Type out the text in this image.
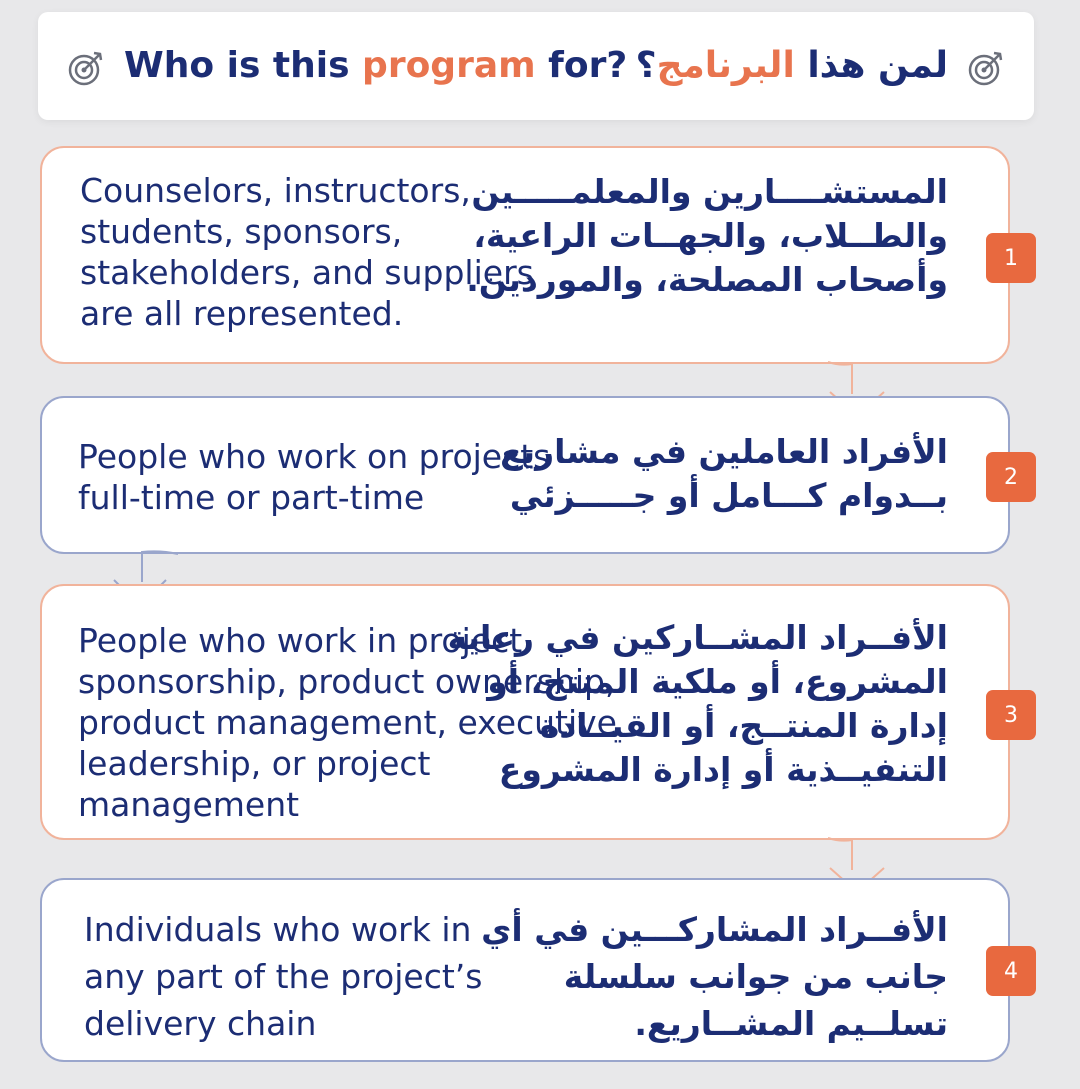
Who is this program for?	لمن هذا البرنامج؟
Counselors, instructors,
students, sponsors,
stakeholders, and suppliers
are all represented.
المستشــــارين والمعلمـــــين
والطــلاب، والجهــات الراعية،
وأصحاب المصلحة، والموردين.
1
People who work on projects
full-time or part-time
الأفراد العاملين في مشاريع
بــدوام كـــامل أو جـــــزئي	2
People who work in project
sponsorship, product ownership,
product management, executive
leadership, or project
management
الأفــراد المشــاركين في رعاية
المشروع، أو ملكية المنتج، أو
إدارة المنتــج، أو القيــادة
التنفيــذية أو إدارة المشروع
3
Individuals who work in
any part of the project’s
delivery chain
الأفــراد المشاركـــين في أي
جانب من جوانب سلسلة
تسلــيم المشــاريع.
4
